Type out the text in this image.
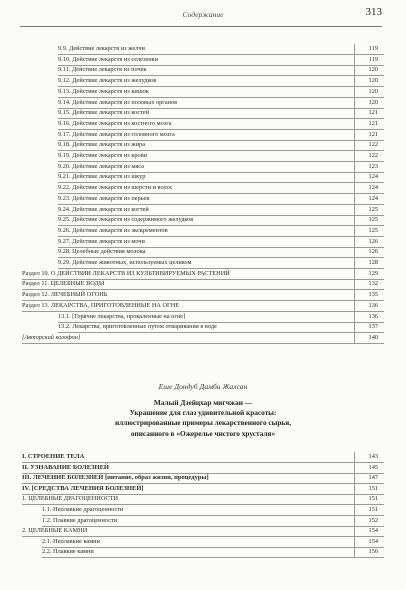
Содержание	313
9.9. Действие лекарств из желчи	119
9.10. Действие лекарств из селезенки	119
9.11. Действие лекарств из почек	120
9.12. Действие лекарств из желудков	120
9.13. Действие лекарств из кишок	120
9.14. Действие лекарств из половых органов	120
9.15. Действие лекарств из костей	121
9.16. Действие лекарств из костного мозга	121
9.17. Действие лекарств из головного мозга	121
9.18. Действие лекарств из жира	122
9.19. Действие лекарств из крови	122
9.20. Действие лекарств из мяса	123
9.21. Действие лекарств из шкур	124
9.22. Действие лекарств из шерсти и волос	124
9.23. Действие лекарств из перьев	124
9.24. Действие лекарств из когтей	125
9.25. Действие лекарств из содержимого желудков	125
9.26. Действие лекарств из экскрементов	125
9.27. Действие лекарств из мочи	126
9.28. Целебные действия молока	126
9.29. Действие животных, используемых целиком	128
Раздел 10. О ДЕЙСТВИИ ЛЕКАРСТВ ИЗ КУЛЬТИВИРУЕМЫХ РАСТЕНИЙ	129
Раздел 11. ЦЕЛЕБНЫЕ ВОДЫ	132
Раздел 12. ЛЕЧЕБНЫЙ ОГОНЬ	135
Раздел 13. ЛЕКАРСТВА, ПРИГОТОВЛЕННЫЕ НА ОГНЕ	136
13.1. [Горячие лекарства, прокаленные на огне]	136
13.2. Лекарства, приготовленные путем отваривания в воде	137
[Авторский колофон]	140
Еше Дондуб Дамби Жалсан
Малый Дзейцхар мигчжан —
Украшение для глаз удивительной красоты:
иллюстрированные примеры лекарственного сырья,
описанного в «Ожерелье чистого хрусталя»
I. СТРОЕНИЕ ТЕЛА	143
II. УЗНАВАНИЕ БОЛЕЗНЕЙ	145
III. ЛЕЧЕНИЕ БОЛЕЗНЕЙ [питание, образ жизни, процедуры]	147
IV. [СРЕДСТВА ЛЕЧЕНИЯ БОЛЕЗНЕЙ]	151
1. ЦЕЛЕБНЫЕ ДРАГОЦЕННОСТИ	151
1.1. Неплавкие драгоценности	151
1.2. Плавкие драгоценности	152
2. ЦЕЛЕБНЫЕ КАМНИ	154
2.1. Неплавкие камни	154
2.2. Плавкие камни	156
